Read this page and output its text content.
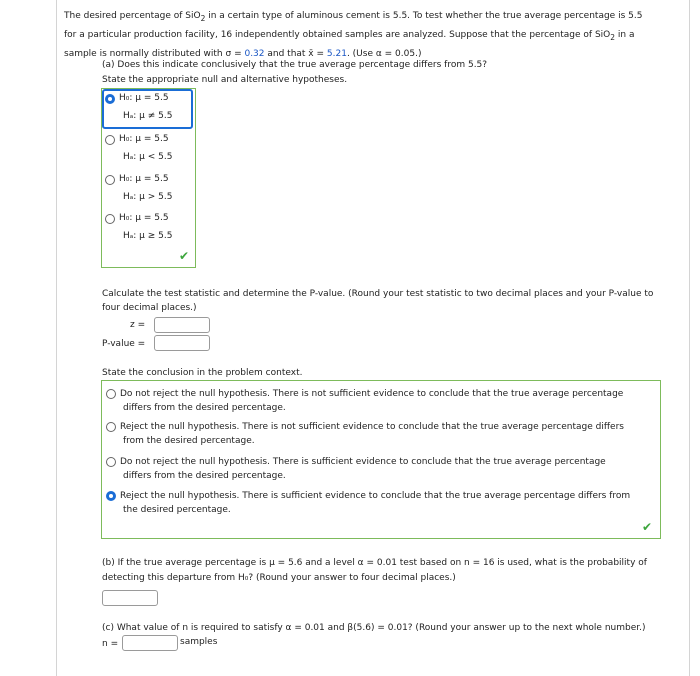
The desired percentage of SiO$_2$ in a certain type of aluminous cement is 5.5. To test whether the true average percentage is 5.5
for a particular production facility, 16 independently obtained samples are analyzed. Suppose that the percentage of SiO$_2$ in a
sample is normally distributed with σ = 0.32 and that x̄ = 5.21. (Use α = 0.05.)
(a) Does this indicate conclusively that the true average percentage differs from 5.5?
State the appropriate null and alternative hypotheses.
H₀: μ = 5.5
Hₐ: μ ≠ 5.5
H₀: μ = 5.5
Hₐ: μ < 5.5
H₀: μ = 5.5
Hₐ: μ > 5.5
H₀: μ = 5.5
Hₐ: μ ≥ 5.5
✔
Calculate the test statistic and determine the P-value. (Round your test statistic to two decimal places and your P-value to
four decimal places.)
z =
P-value =
State the conclusion in the problem context.
Do not reject the null hypothesis. There is not sufficient evidence to conclude that the true average percentage
differs from the desired percentage.
Reject the null hypothesis. There is not sufficient evidence to conclude that the true average percentage differs
from the desired percentage.
Do not reject the null hypothesis. There is sufficient evidence to conclude that the true average percentage
differs from the desired percentage.
Reject the null hypothesis. There is sufficient evidence to conclude that the true average percentage differs from
the desired percentage.
✔
(b) If the true average percentage is μ = 5.6 and a level α = 0.01 test based on n = 16 is used, what is the probability of
detecting this departure from H₀? (Round your answer to four decimal places.)
(c) What value of n is required to satisfy α = 0.01 and β(5.6) = 0.01? (Round your answer up to the next whole number.)
n =	samples
